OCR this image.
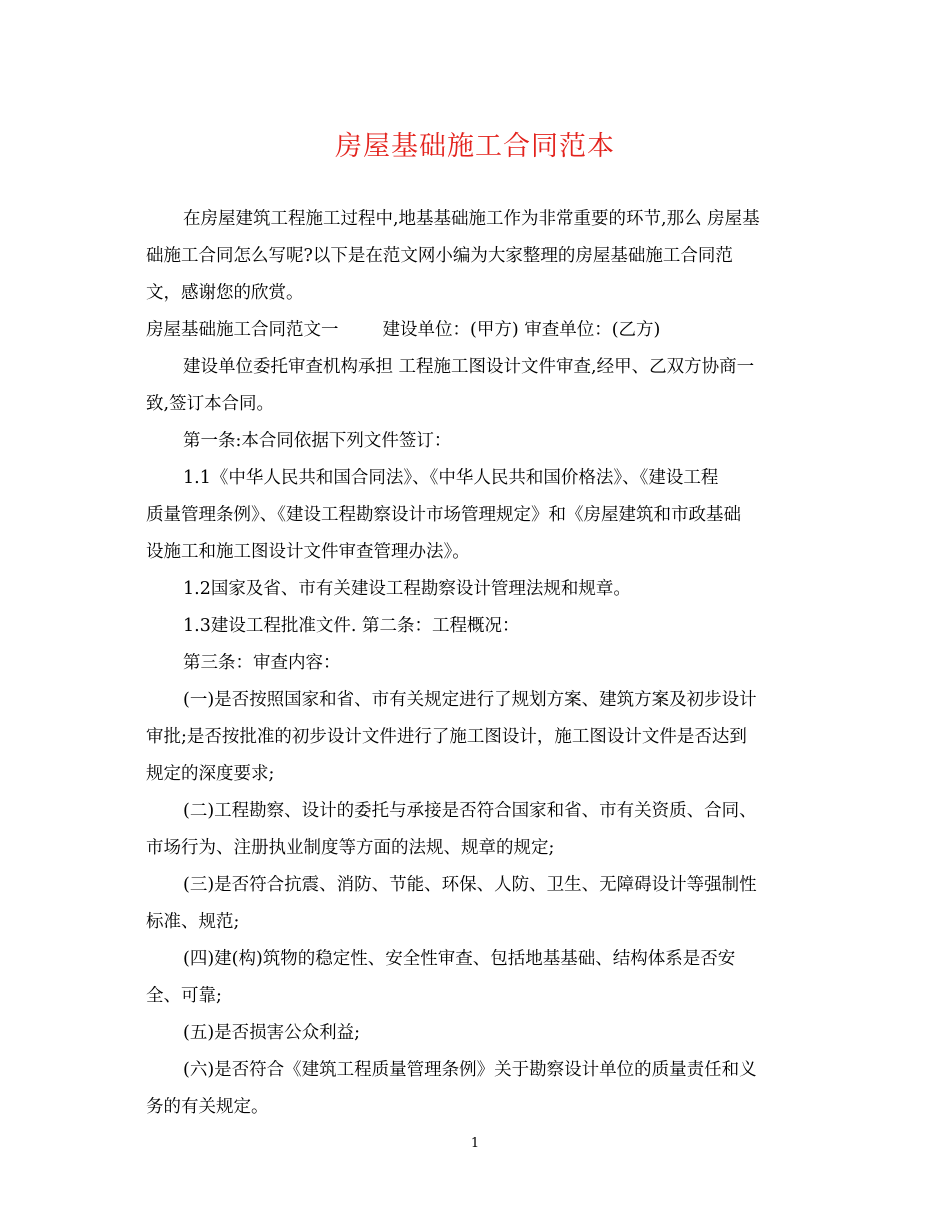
房屋基础施工合同范本
在房屋建筑工程施工过程中,地基基础施工作为非常重要的环节,那么 房屋基
础施工合同怎么写呢?以下是在范文网小编为大家整理的房屋基础施工合同范
文，感谢您的欣赏。
房屋基础施工合同范文一	建设单位：(甲方) 审查单位：(乙方)
建设单位委托审查机构承担 工程施工图设计文件审查,经甲、乙双方协商一
致,签订本合同。
第一条:本合同依据下列文件签订：
1.1《中华人民共和国合同法》、《中华人民共和国价格法》、《建设工程
质量管理条例》、《建设工程勘察设计市场管理规定》和《房屋建筑和市政基础
设施工和施工图设计文件审查管理办法》。
1.2国家及省、市有关建设工程勘察设计管理法规和规章。
1.3建设工程批准文件. 第二条：工程概况：
第三条：审查内容：
(一)是否按照国家和省、市有关规定进行了规划方案、建筑方案及初步设计
审批;是否按批准的初步设计文件进行了施工图设计，施工图设计文件是否达到
规定的深度要求;
(二)工程勘察、设计的委托与承接是否符合国家和省、市有关资质、合同、
市场行为、注册执业制度等方面的法规、规章的规定;
(三)是否符合抗震、消防、节能、环保、人防、卫生、无障碍设计等强制性
标准、规范;
(四)建(构)筑物的稳定性、安全性审查、包括地基基础、结构体系是否安
全、可靠;
(五)是否损害公众利益;
(六)是否符合《建筑工程质量管理条例》关于勘察设计单位的质量责任和义
务的有关规定。
1
